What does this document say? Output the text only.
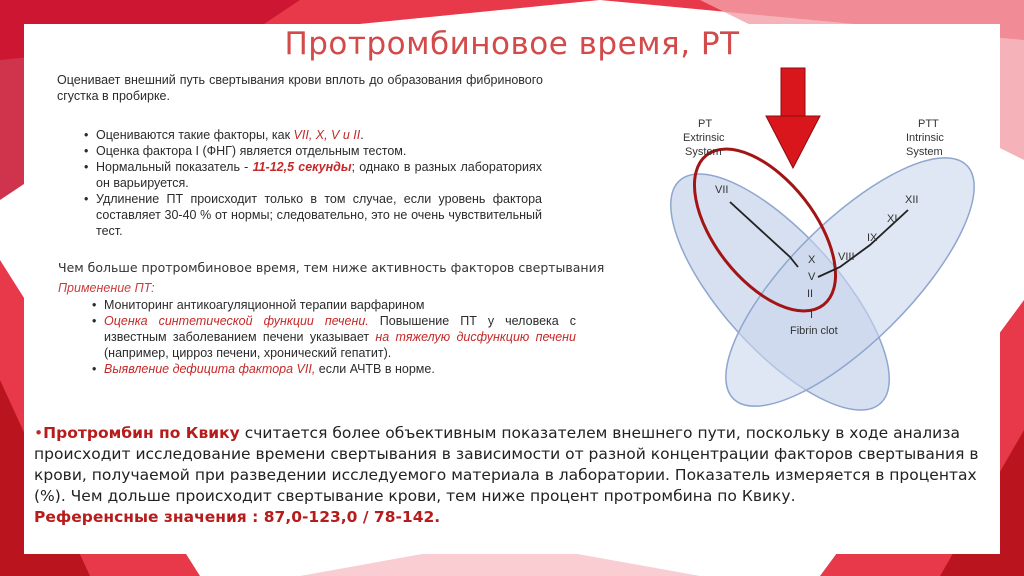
Протромбиновое время, РТ
Оценивает внешний путь свертывания крови вплоть до образования фибринового сгустка в пробирке.
• Оцениваются такие факторы, как VII, X, V и II.
• Оценка фактора I (ФНГ) является отдельным тестом.
• Нормальный показатель - 11-12,5 секунды; однако в разных лабораториях он варьируется.
• Удлинение ПТ происходит только в том случае, если уровень фактора составляет 30-40 % от нормы; следовательно, это не очень чувствительный тест.
Чем больше протромбиновое время, тем ниже активность факторов свертывания
Применение ПТ:
• Мониторинг антикоагуляционной терапии варфарином
• Оценка синтетической функции печени. Повышение ПТ у человека с известным заболеванием печени указывает на тяжелую дисфункцию печени (например, цирроз печени, хронический гепатит).
• Выявление дефицита фактора VII, если АЧТВ в норме.
PT
Extrinsic
System
PTT
Intrinsic
System
VII
XII
XI
IX
VIII
X
V
II
I
Fibrin clot
•Протромбин по Квику считается более объективным показателем внешнего пути, поскольку в ходе анализа происходит исследование времени свертывания в зависимости от разной концентрации факторов свертывания в крови, получаемой при разведении исследуемого материала в лаборатории. Показатель измеряется в процентах (%). Чем дольше происходит свертывание крови, тем ниже процент протромбина по Квику.
Референсные значения : 87,0-123,0 / 78-142.
